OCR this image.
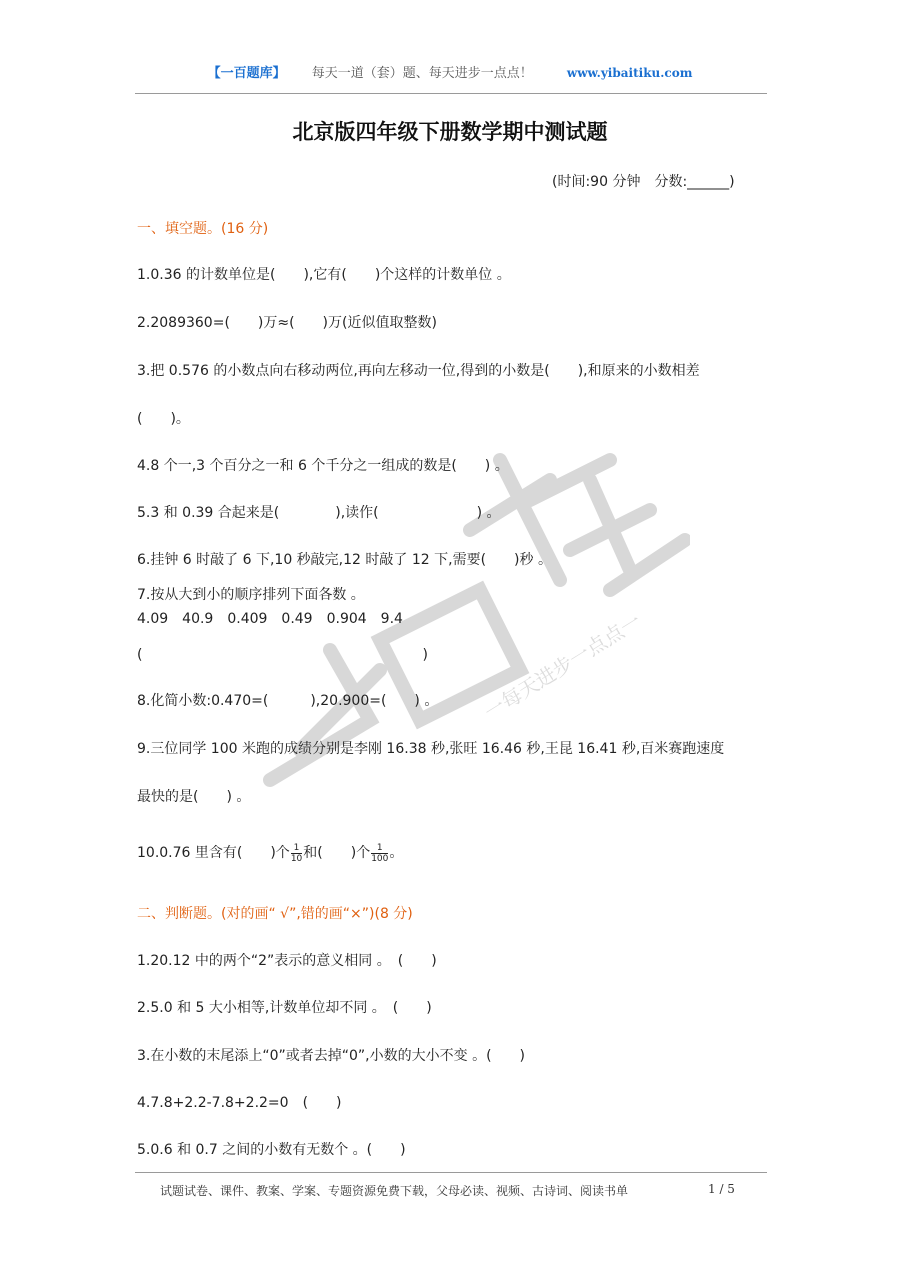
一每天进步一点点一
【一百题库】 每天一道（套）题、每天进步一点点！	www.yibaitiku.com
北京版四年级下册数学期中测试题
(时间:90 分钟　分数:______)
一、填空题。(16 分)
1.0.36 的计数单位是(　　),它有(　　)个这样的计数单位 。
2.2089360=(　　)万≈(　　)万(近似值取整数)
3.把 0.576 的小数点向右移动两位,再向左移动一位,得到的小数是(　　),和原来的小数相差
(　　)。
4.8 个一,3 个百分之一和 6 个千分之一组成的数是(　　) 。
5.3 和 0.39 合起来是(　　　　),读作(　　　　　　　) 。
6.挂钟 6 时敲了 6 下,10 秒敲完,12 时敲了 12 下,需要(　　)秒 。
7.按从大到小的顺序排列下面各数 。
4.09　40.9　0.409　0.49　0.904　9.4
(　　　　　　　　　　　　　　　　　　　　)
8.化简小数:0.470=(　　　),20.900=(　　) 。
9.三位同学 100 米跑的成绩分别是李刚 16.38 秒,张旺 16.46 秒,王昆 16.41 秒,百米赛跑速度
最快的是(　　) 。
10.0.76 里含有(　　)个 $\frac{1}{10}$ 和(　　)个 $\frac{1}{100}$ 。
二、判断题。(对的画“ √”,错的画“×”)(8 分)
1.20.12 中的两个“2”表示的意义相同 。　(　　)
2.5.0 和 5 大小相等,计数单位却不同 。　(　　)
3.在小数的末尾添上“0”或者去掉“0”,小数的大小不变 。(　　)
4.7.8+2.2-7.8+2.2=0　(　　)
5.0.6 和 0.7 之间的小数有无数个 。(　　)
试题试卷、课件、教案、学案、专题资源免费下载，父母必读、视频、古诗词、阅读书单	1 / 5
